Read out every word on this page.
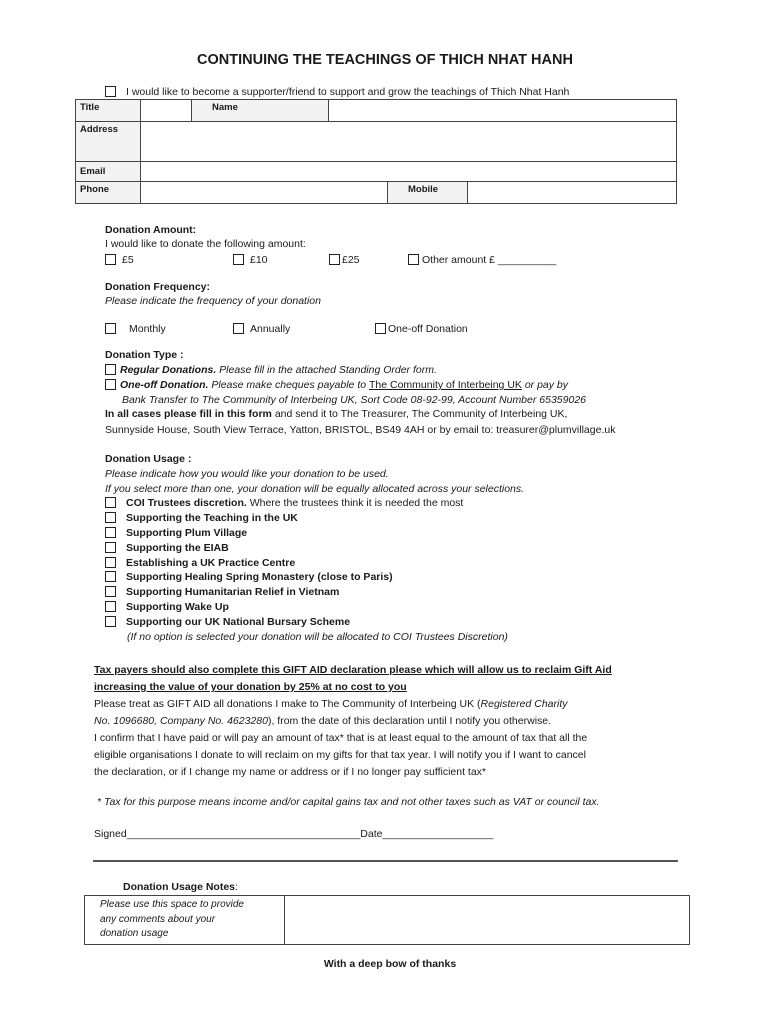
CONTINUING THE TEACHINGS OF THICH NHAT HANH
I would like to become a supporter/friend to support and grow the teachings of Thich Nhat Hanh
Title		Name			
Address					
Email					
Phone				Mobile	
Donation Amount:
I would like to donate the following amount:
£5	£10	£25	Other amount £ __________
Donation Frequency:
Please indicate the frequency of your donation
Monthly	Annually	One-off Donation
Donation Type :
Regular Donations. Please fill in the attached Standing Order form.
One-off Donation. Please make cheques payable to The Community of Interbeing UK or pay by
Bank Transfer to The Community of Interbeing UK, Sort Code 08-92-99, Account Number 65359026
In all cases please fill in this form and send it to The Treasurer, The Community of Interbeing UK,
Sunnyside House, South View Terrace, Yatton, BRISTOL, BS49 4AH or by email to: treasurer@plumvillage.uk
Donation Usage :
Please indicate how you would like your donation to be used.
If you select more than one, your donation will be equally allocated across your selections.
COI Trustees discretion. Where the trustees think it is needed the most
Supporting the Teaching in the UK
Supporting Plum Village
Supporting the EIAB
Establishing a UK Practice Centre
Supporting Healing Spring Monastery (close to Paris)
Supporting Humanitarian Relief in Vietnam
Supporting Wake Up
Supporting our UK National Bursary Scheme
(If no option is selected your donation will be allocated to COI Trustees Discretion)

Tax payers should also complete this GIFT AID declaration please which will allow us to reclaim Gift Aid

increasing the value of your donation by 25% at no cost to you

Please treat as GIFT AID all donations I make to The Community of Interbeing UK (Registered Charity

No. 1096680, Company No. 4623280), from the date of this declaration until I notify you otherwise.

I confirm that I have paid or will pay an amount of tax* that is at least equal to the amount of tax that all the

eligible organisations I donate to will reclaim on my gifts for that tax year. I will notify you if I want to cancel

the declaration, or if I change my name or address or if I no longer pay sufficient tax*

* Tax for this purpose means income and/or capital gains tax and not other taxes such as VAT or council tax.
Signed________________________________________Date___________________
Donation Usage Notes:
Please use this space to provide
any comments about your
donation usage

With a deep bow of thanks
